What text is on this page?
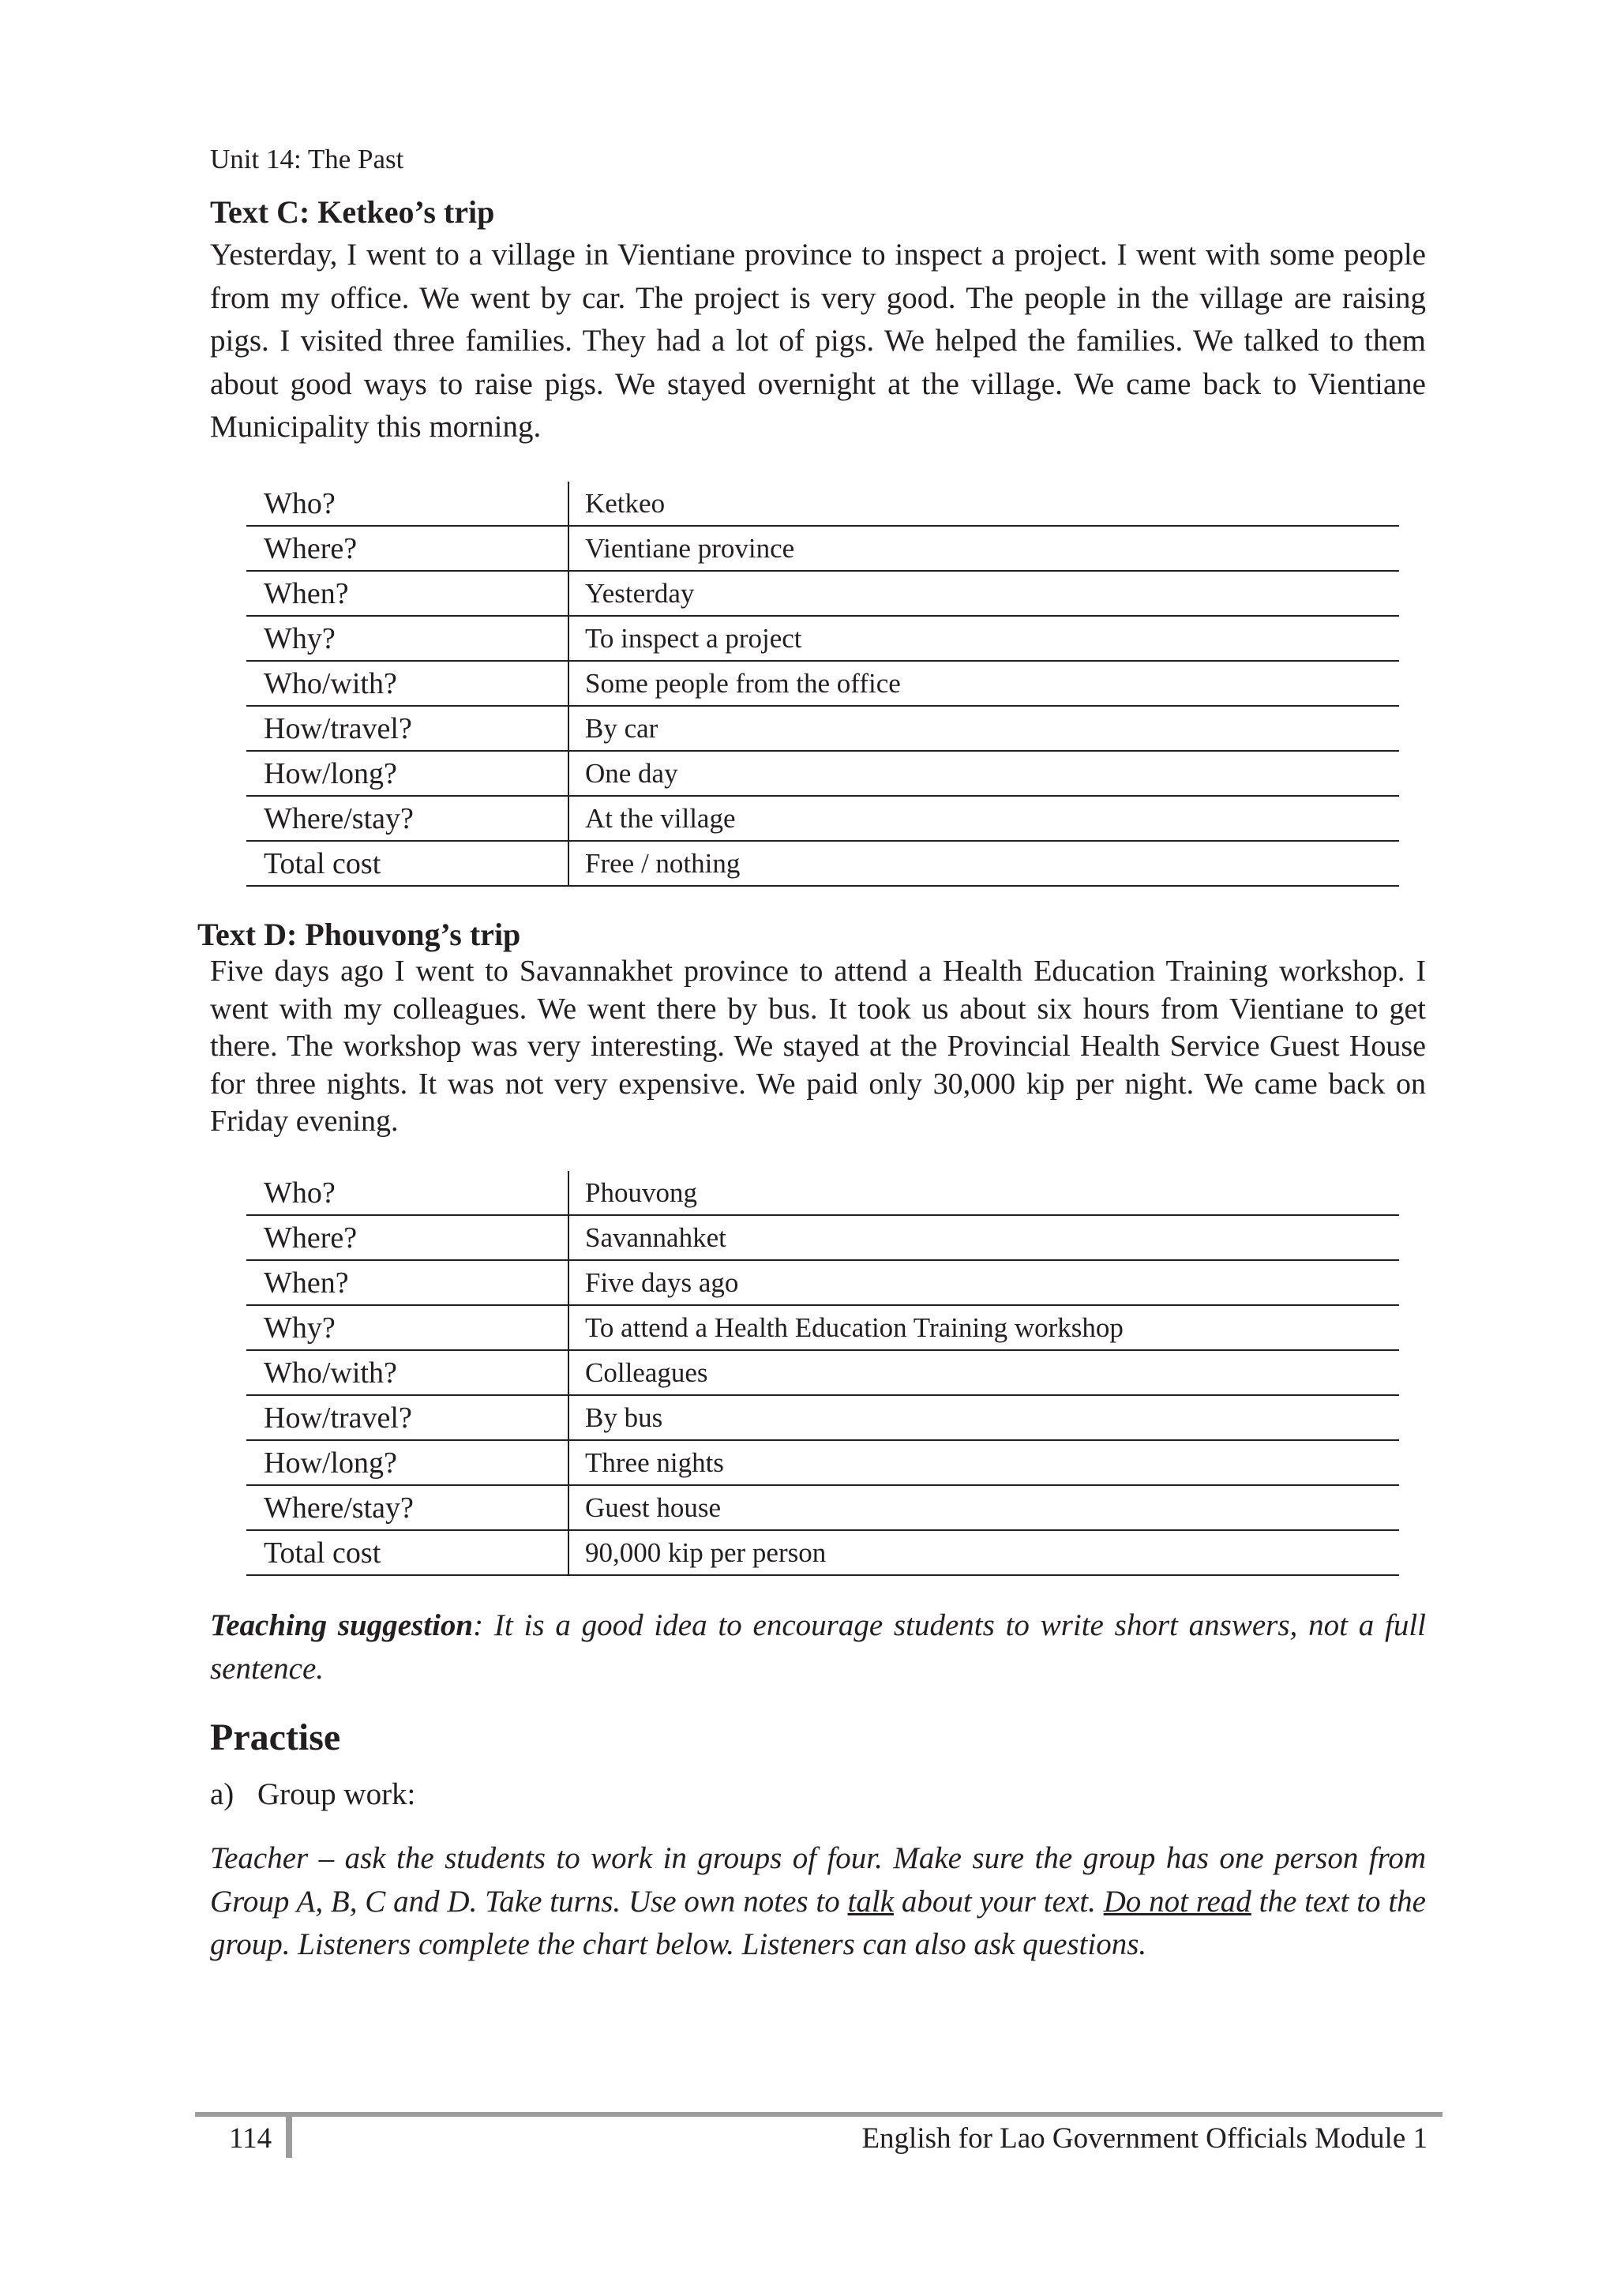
Unit 14: The Past
Text C: Ketkeo’s trip
Yesterday, I went to a village in Vientiane province to inspect a project. I went with some people from my office. We went by car. The project is very good. The people in the village are raising pigs. I visited three families. They had a lot of pigs. We helped the families. We talked to them about good ways to raise pigs. We stayed overnight at the village. We came back to Vientiane Municipality this morning.
Who?	Ketkeo
Where?	Vientiane province
When?	Yesterday
Why?	To inspect a project
Who/with?	Some people from the office
How/travel?	By car
How/long?	One day
Where/stay?	At the village
Total cost	Free / nothing
Text D: Phouvong’s trip
Five days ago I went to Savannakhet province to attend a Health Education Training workshop. I went with my colleagues. We went there by bus. It took us about six hours from Vientiane to get there. The workshop was very interesting. We stayed at the Provincial Health Service Guest House for three nights. It was not very expensive. We paid only 30,000 kip per night. We came back on Friday evening.
Who?	Phouvong
Where?	Savannahket
When?	Five days ago
Why?	To attend a Health Education Training workshop
Who/with?	Colleagues
How/travel?	By bus
How/long?	Three nights
Where/stay?	Guest house
Total cost	90,000 kip per person
Teaching suggestion: It is a good idea to encourage students to write short answers, not a full sentence.
Practise
a) Group work:
Teacher – ask the students to work in groups of four. Make sure the group has one person from Group A, B, C and D. Take turns. Use own notes to talk about your text. Do not read the text to the group. Listeners complete the chart below. Listeners can also ask questions.
114	English for Lao Government Officials Module 1
